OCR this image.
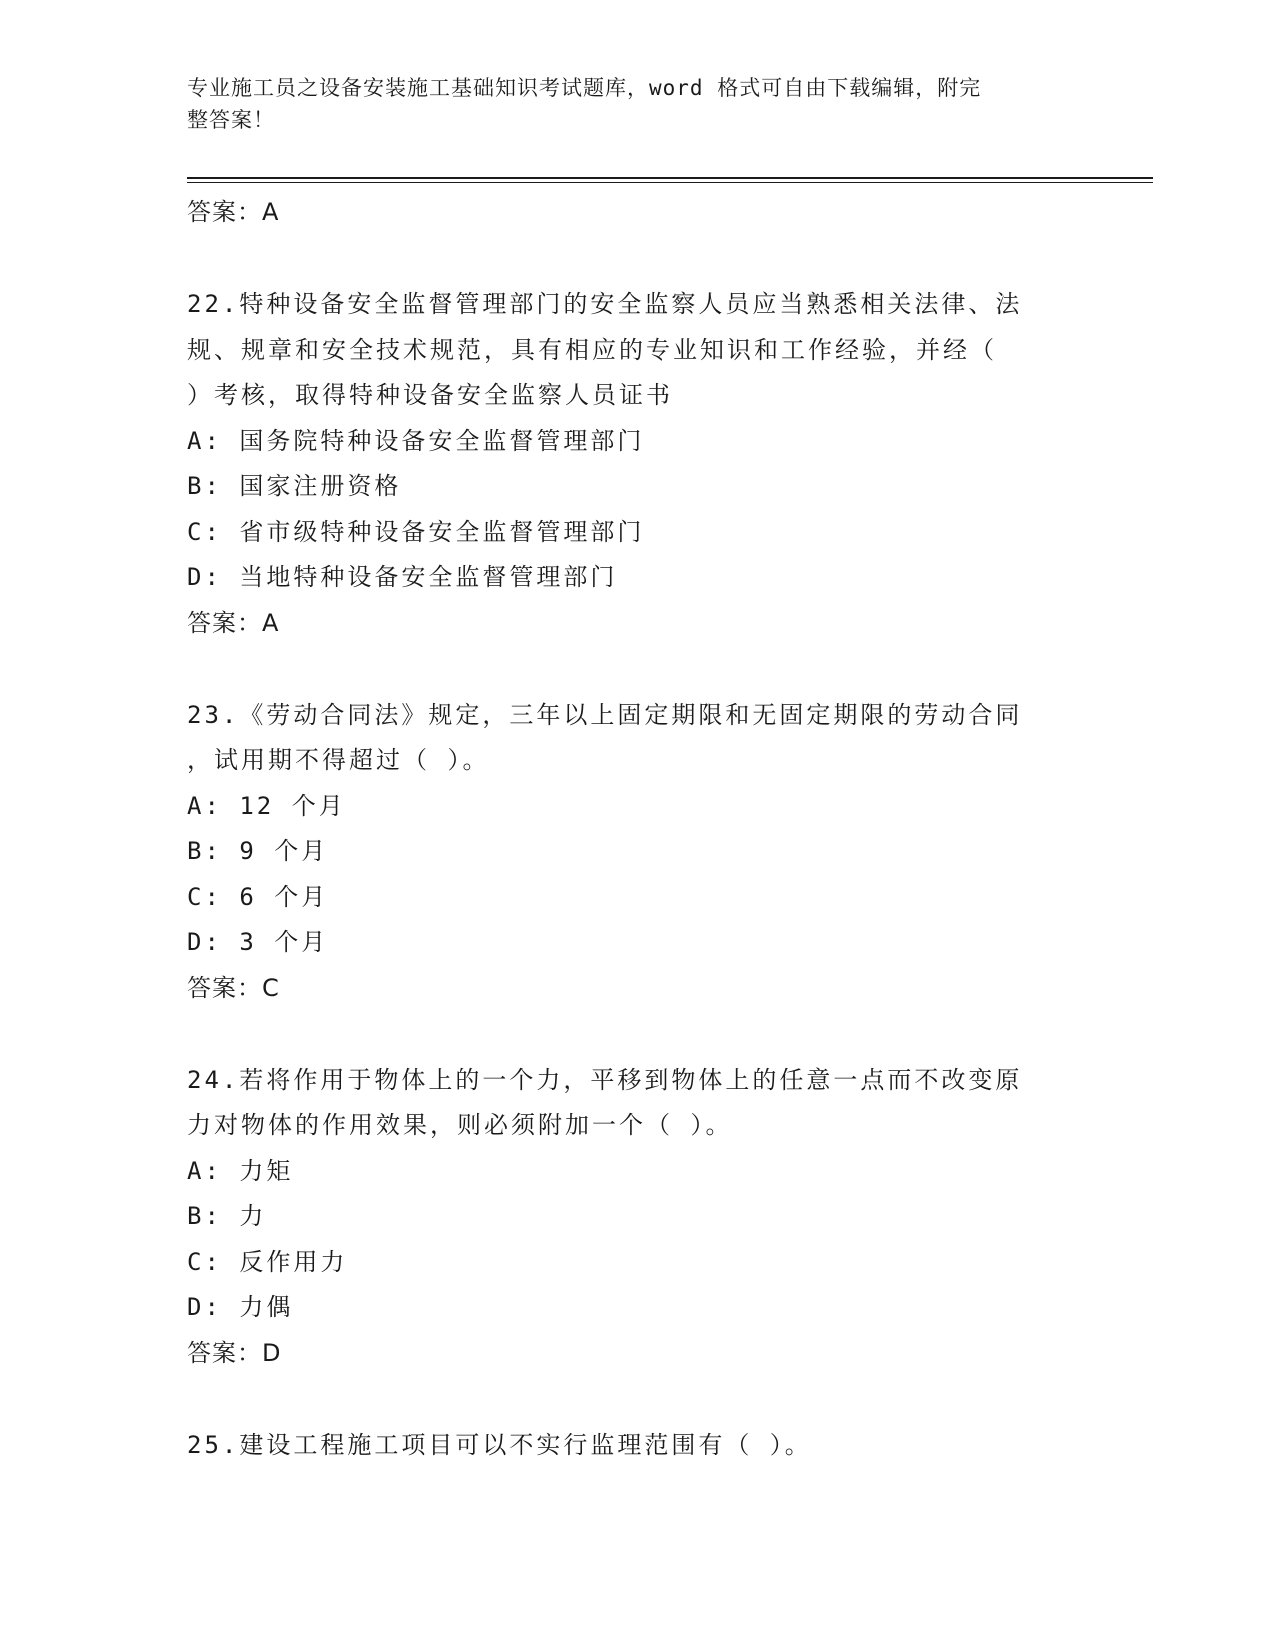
专业施工员之设备安装施工基础知识考试题库，word 格式可自由下载编辑，附完
整答案！
答案：A
22.特种设备安全监督管理部门的安全监察人员应当熟悉相关法律、法
规、规章和安全技术规范，具有相应的专业知识和工作经验，并经（
）考核，取得特种设备安全监察人员证书
A: 国务院特种设备安全监督管理部门
B: 国家注册资格
C: 省市级特种设备安全监督管理部门
D: 当地特种设备安全监督管理部门
答案：A
23.《劳动合同法》规定，三年以上固定期限和无固定期限的劳动合同
，试用期不得超过（ ）。
A: 12 个月
B: 9 个月
C: 6 个月
D: 3 个月
答案：C
24.若将作用于物体上的一个力，平移到物体上的任意一点而不改变原
力对物体的作用效果，则必须附加一个（ ）。
A: 力矩
B: 力
C: 反作用力
D: 力偶
答案：D
25.建设工程施工项目可以不实行监理范围有（ ）。
